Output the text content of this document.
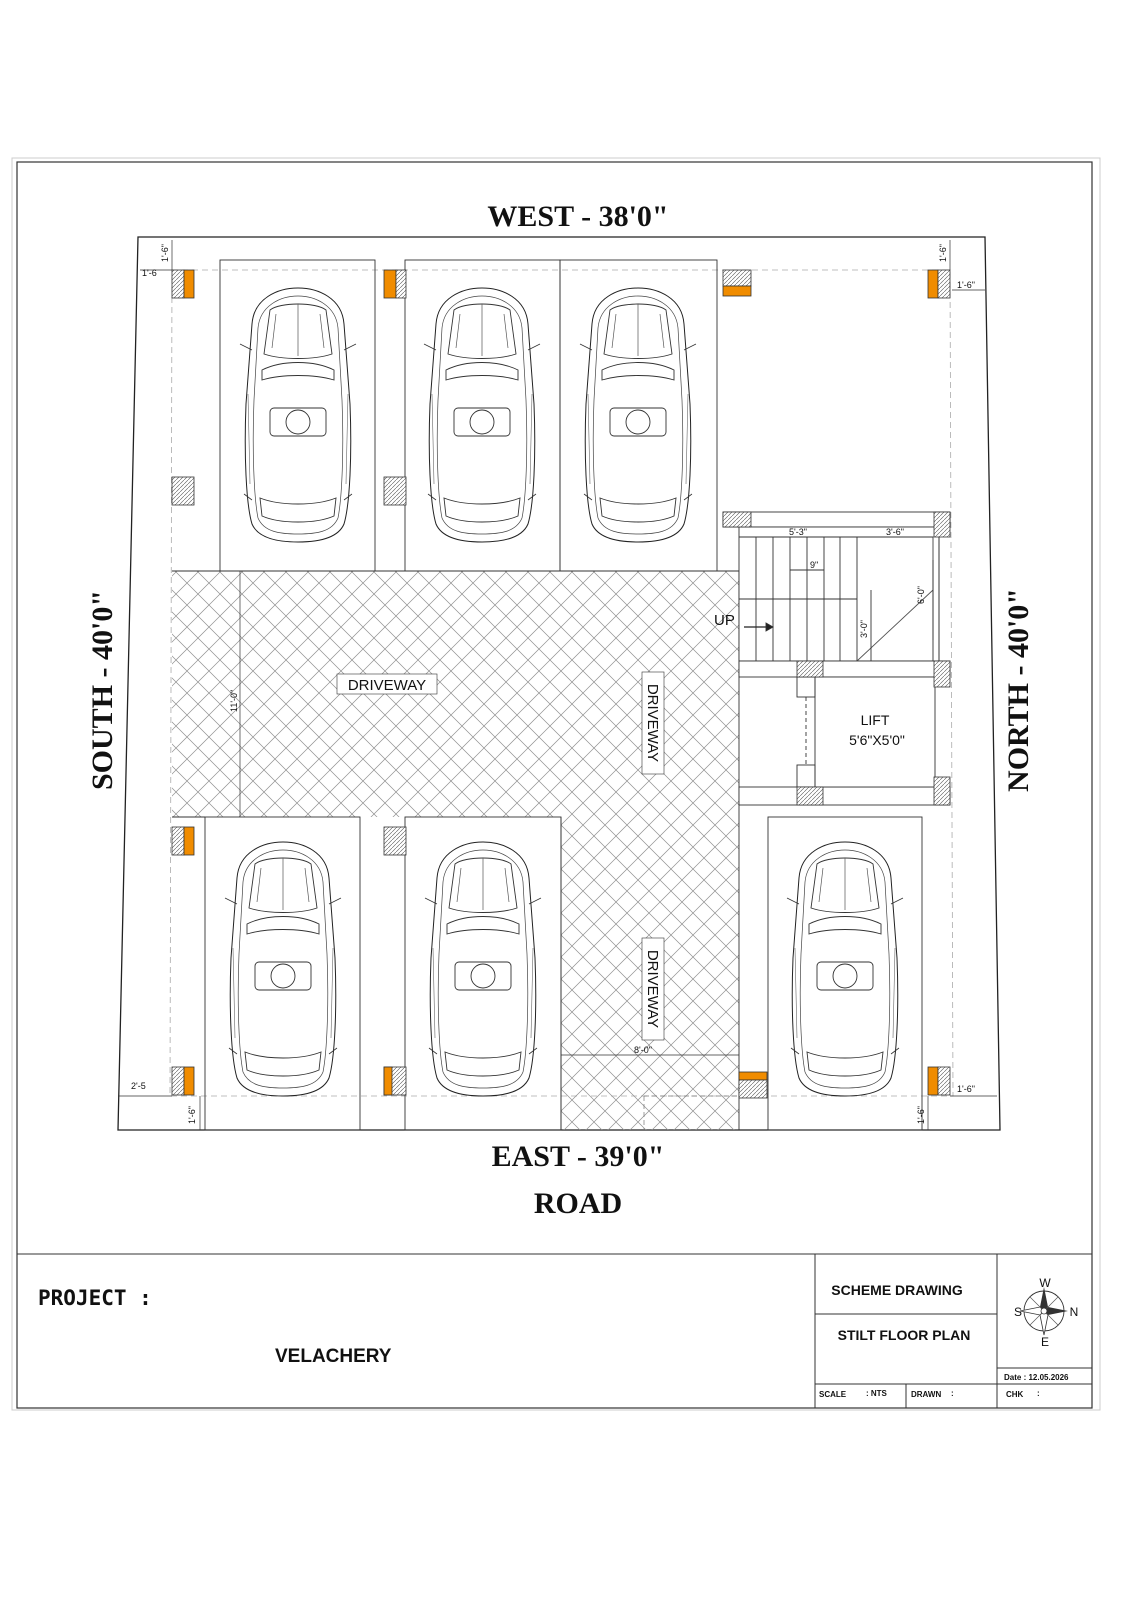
WEST - 38'0"
EAST - 39'0"
ROAD
SOUTH - 40'0"	NORTH - 40'0"
DRIVEWAY	DRIVEWAY
DRIVEWAY
LIFT
5'6"X5'0"
UP
1'-6"
1'-6
1'-6"
1'-6"
5'-3"	3'-6"
9"
6'-0"
3'-0"
11'-0"
8'-0"
2'-5
1'-6"	1'-6"
1'-6"
PROJECT :
VELACHERY
SCHEME DRAWING
STILT FLOOR PLAN
Date : 12.05.2026
SCALE : NTS	DRAWN :	CHK :
W
E
S	N
